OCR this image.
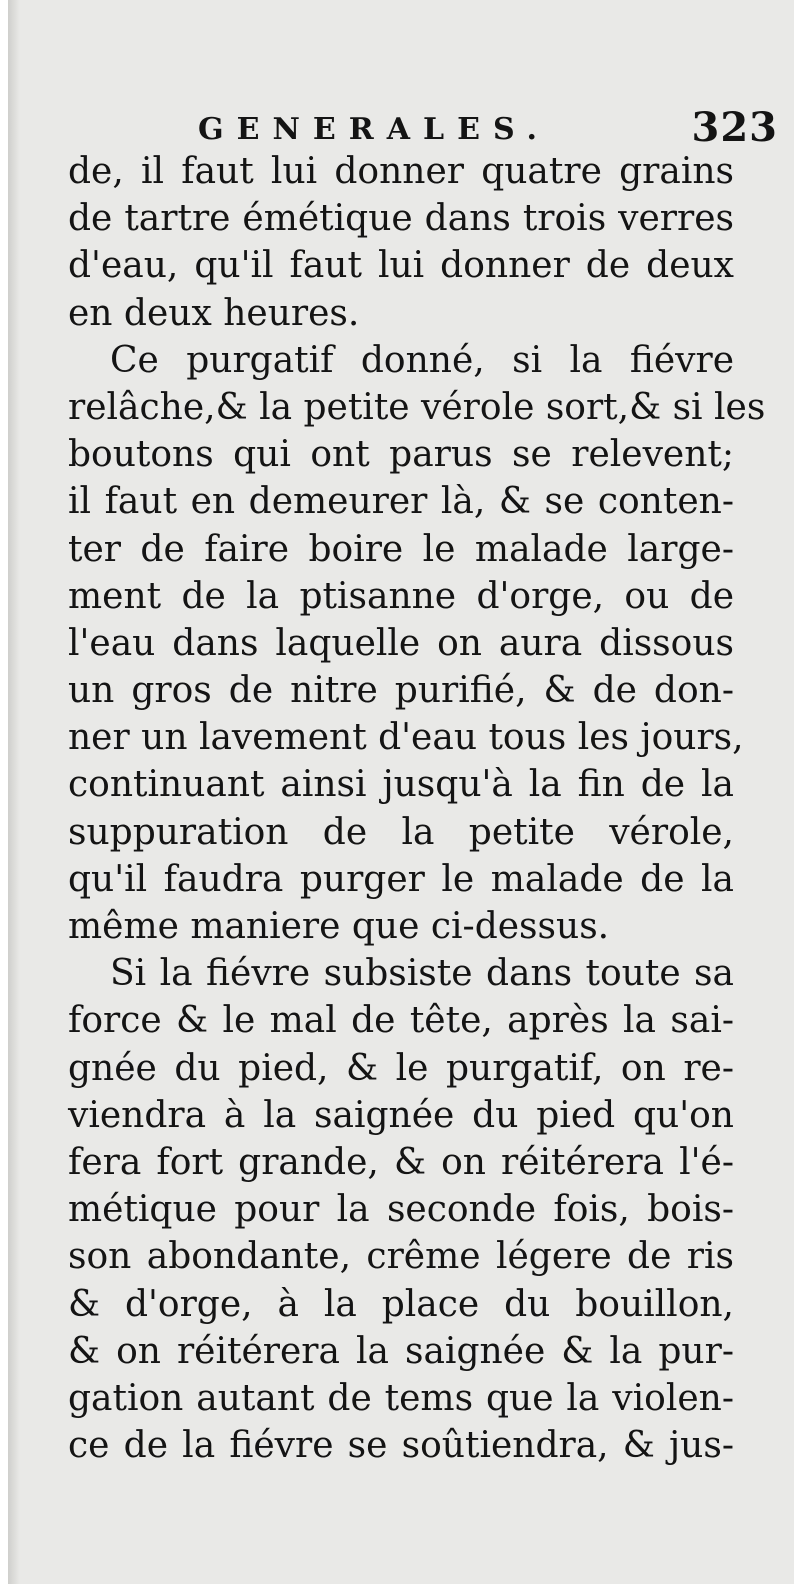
GENERALES.	323
de, il faut lui donner quatre grains
de tartre émétique dans trois verres
d'eau, qu'il faut lui donner de deux
en deux heures.
Ce purgatif donné, si la fiévre
relâche,& la petite vérole sort,& si les
boutons qui ont parus se relevent;
il faut en demeurer là, & se conten-
ter de faire boire le malade large-
ment de la ptisanne d'orge, ou de
l'eau dans laquelle on aura dissous
un gros de nitre purifié, & de don-
ner un lavement d'eau tous les jours,
continuant ainsi jusqu'à la fin de la
suppuration de la petite vérole,
qu'il faudra purger le malade de la
même maniere que ci-dessus.
Si la fiévre subsiste dans toute sa
force & le mal de tête, après la sai-
gnée du pied, & le purgatif, on re-
viendra à la saignée du pied qu'on
fera fort grande, & on réitérera l'é-
métique pour la seconde fois, bois-
son abondante, crême légere de ris
& d'orge, à la place du bouillon,
& on réitérera la saignée & la pur-
gation autant de tems que la violen-
ce de la fiévre se soûtiendra, & jus-
